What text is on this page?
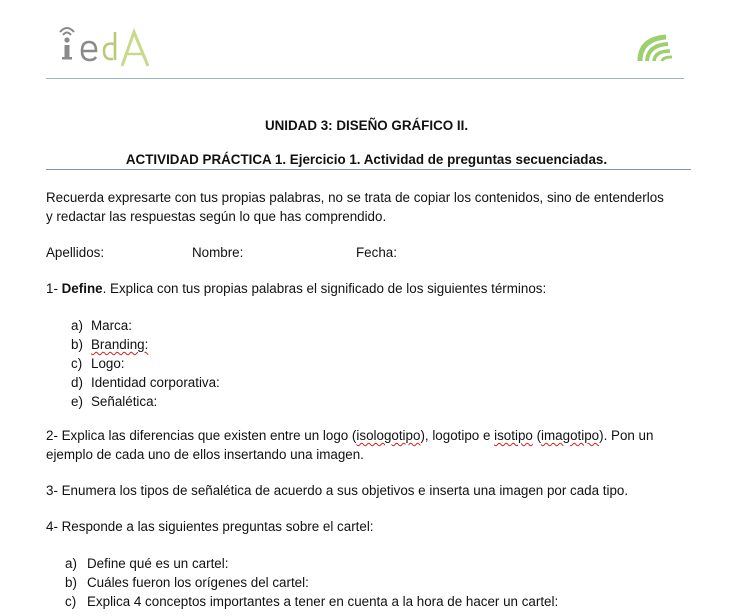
UNIDAD 3: DISEÑO GRÁFICO II.
ACTIVIDAD PRÁCTICA 1. Ejercicio 1. Actividad de preguntas secuenciadas.
Recuerda expresarte con tus propias palabras, no se trata de copiar los contenidos, sino de entenderlos
y redactar las respuestas según lo que has comprendido.
Apellidos:	Nombre:	Fecha:
1- Define. Explica con tus propias palabras el significado de los siguientes términos:
a) Marca:
b) Branding:
c) Logo:
d) Identidad corporativa:
e) Señalética:
2- Explica las diferencias que existen entre un logo (isologotipo), logotipo e isotipo (imagotipo). Pon un
ejemplo de cada uno de ellos insertando una imagen.
3- Enumera los tipos de señalética de acuerdo a sus objetivos e inserta una imagen por cada tipo.
4- Responde a las siguientes preguntas sobre el cartel:
a) Define qué es un cartel:
b) Cuáles fueron los orígenes del cartel:
c) Explica 4 conceptos importantes a tener en cuenta a la hora de hacer un cartel:
